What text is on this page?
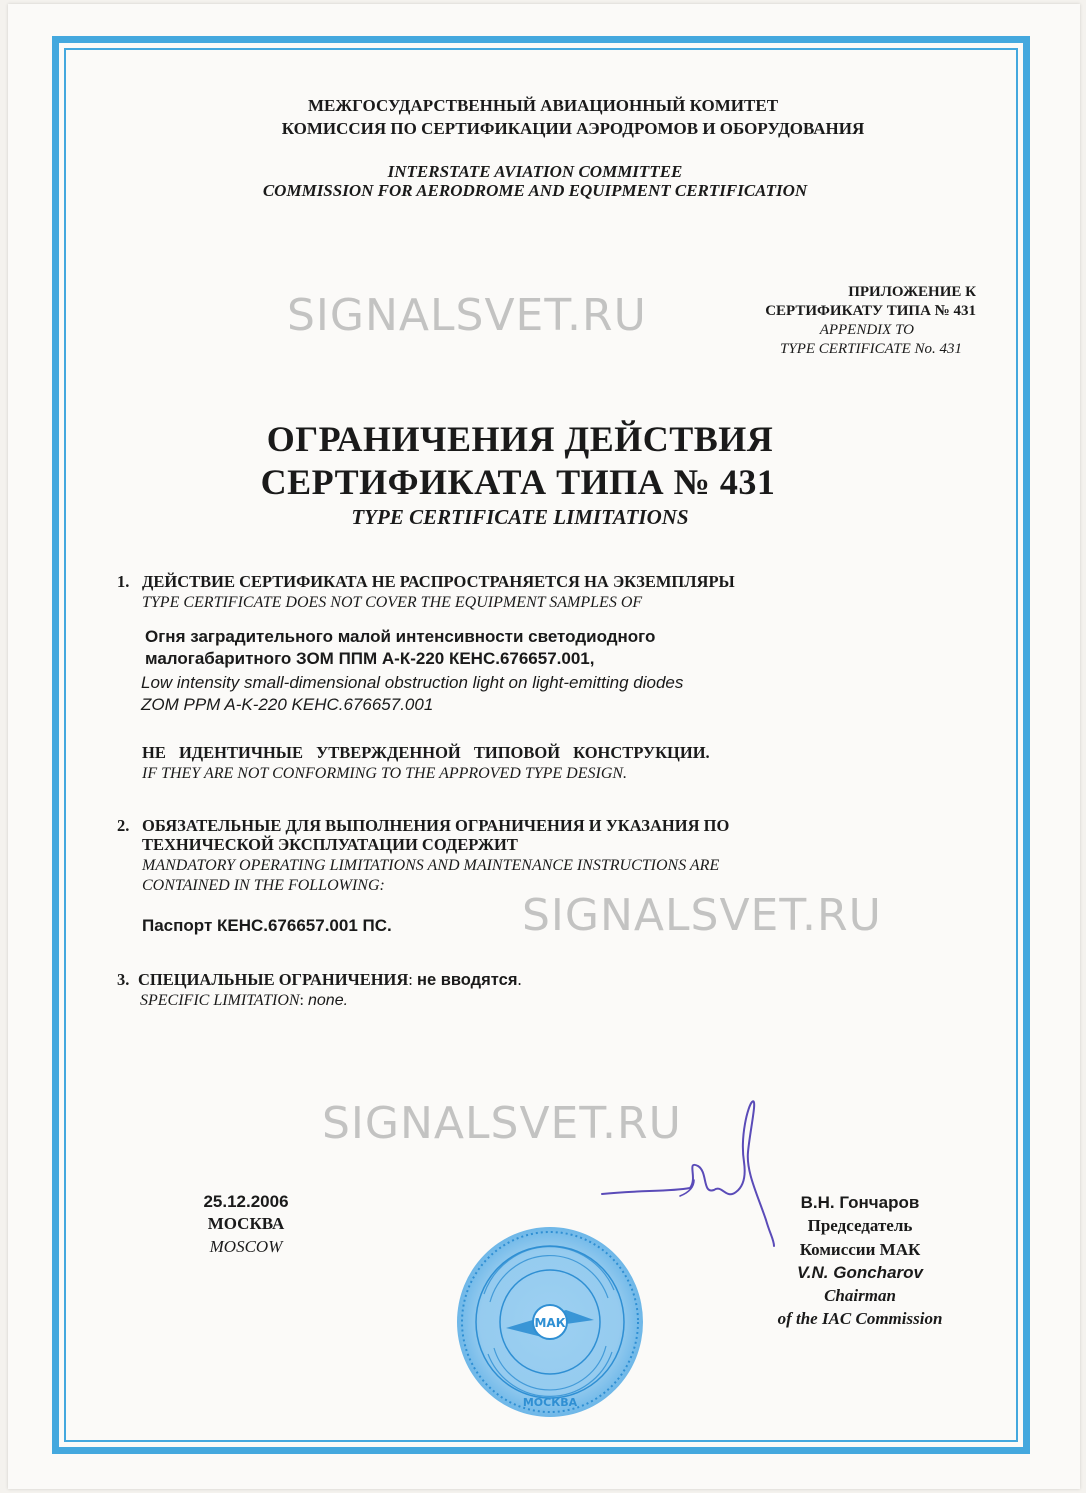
МЕЖГОСУДАРСТВЕННЫЙ АВИАЦИОННЫЙ КОМИТЕТ
КОМИССИЯ ПО СЕРТИФИКАЦИИ АЭРОДРОМОВ И ОБОРУДОВАНИЯ
INTERSTATE AVIATION COMMITTEE
COMMISSION FOR AERODROME AND EQUIPMENT CERTIFICATION
ПРИЛОЖЕНИЕ К
СЕРТИФИКАТУ ТИПА № 431
APPENDIX TO
TYPE CERTIFICATE No. 431
ОГРАНИЧЕНИЯ ДЕЙСТВИЯ
СЕРТИФИКАТА ТИПА № 431
TYPE CERTIFICATE LIMITATIONS
1. ДЕЙСТВИЕ СЕРТИФИКАТА НЕ РАСПРОСТРАНЯЕТСЯ НА ЭКЗЕМПЛЯРЫ
TYPE CERTIFICATE DOES NOT COVER THE EQUIPMENT SAMPLES OF
Огня заградительного малой интенсивности светодиодного
малогабаритного ЗОМ ППМ А-К-220 КЕНС.676657.001,
Low intensity small-dimensional obstruction light on light-emitting diodes
ZOM PPM A-K-220 KEHC.676657.001
НЕ ИДЕНТИЧНЫЕ УТВЕРЖДЕННОЙ ТИПОВОЙ КОНСТРУКЦИИ.
IF THEY ARE NOT CONFORMING TO THE APPROVED TYPE DESIGN.
2. ОБЯЗАТЕЛЬНЫЕ ДЛЯ ВЫПОЛНЕНИЯ ОГРАНИЧЕНИЯ И УКАЗАНИЯ ПО
ТЕХНИЧЕСКОЙ ЭКСПЛУАТАЦИИ СОДЕРЖИТ
MANDATORY OPERATING LIMITATIONS AND MAINTENANCE INSTRUCTIONS ARE
CONTAINED IN THE FOLLOWING:
Паспорт КЕНС.676657.001 ПС.
3. СПЕЦИАЛЬНЫЕ ОГРАНИЧЕНИЯ: не вводятся.
SPECIFIC LIMITATION: none.
25.12.2006
МОСКВА
MOSCOW
В.Н. Гончаров
Председатель
Комиссии МАК
V.N. Goncharov
Chairman
of the IAC Commission
МАК
МОСКВА
SIGNALSVET.RU
SIGNALSVET.RU
SIGNALSVET.RU
